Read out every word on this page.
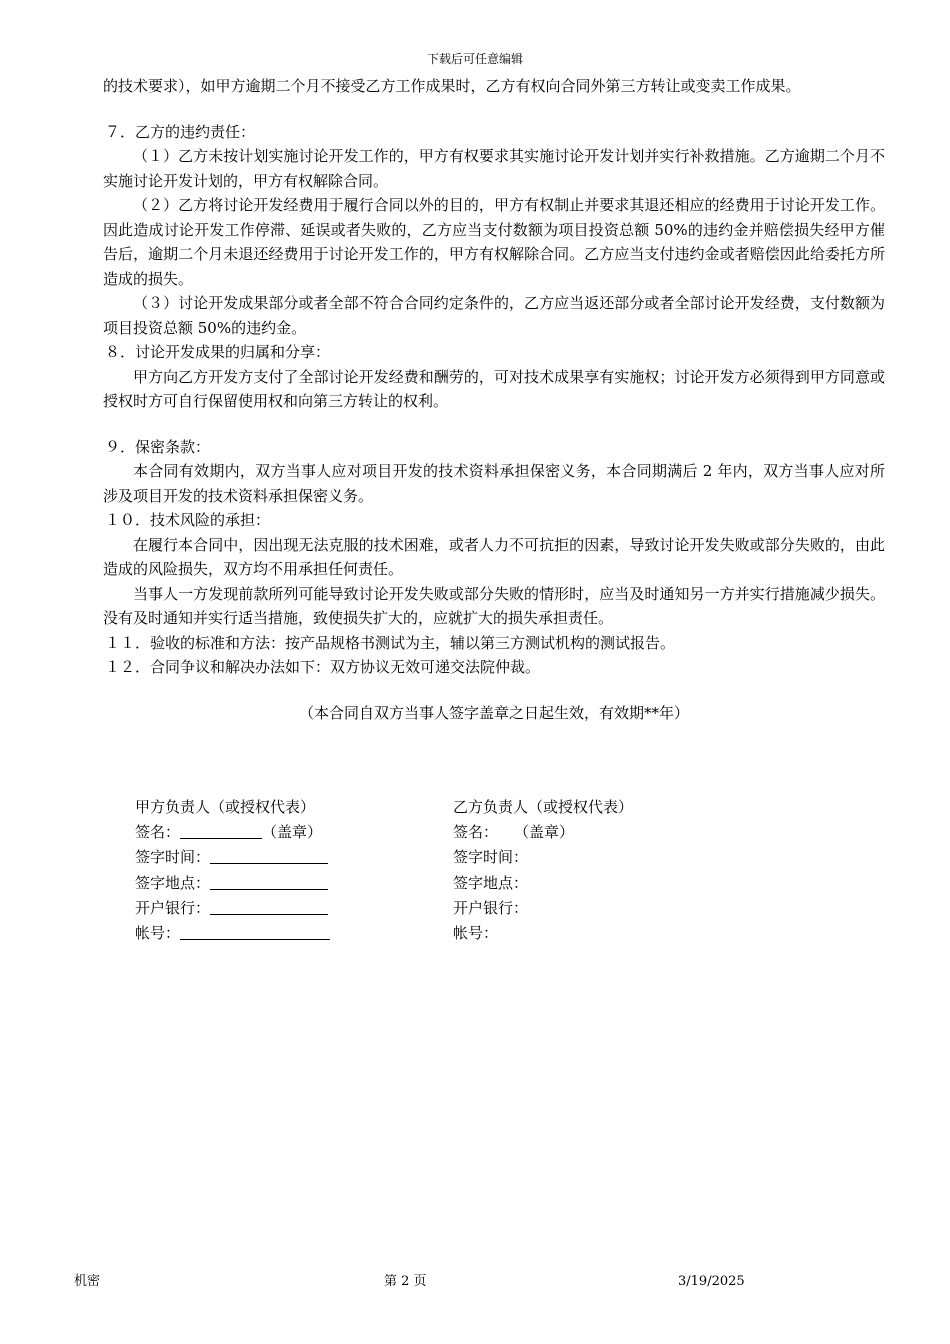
下载后可任意编辑

的技术要求），如甲方逾期二个月不接受乙方工作成果时，乙方有权向合同外第三方转让或变卖工作成果。

７．乙方的违约责任：

（１）乙方未按计划实施讨论开发工作的，甲方有权要求其实施讨论开发计划并实行补救措施。乙方逾期二个月不实施讨论开发计划的，甲方有权解除合同。

（２）乙方将讨论开发经费用于履行合同以外的目的，甲方有权制止并要求其退还相应的经费用于讨论开发工作。因此造成讨论开发工作停滞、延误或者失败的，乙方应当支付数额为项目投资总额 50%的违约金并赔偿损失经甲方催告后，逾期二个月未退还经费用于讨论开发工作的，甲方有权解除合同。乙方应当支付违约金或者赔偿因此给委托方所造成的损失。

（３）讨论开发成果部分或者全部不符合合同约定条件的，乙方应当返还部分或者全部讨论开发经费，支付数额为项目投资总额 50%的违约金。

８．讨论开发成果的归属和分享：

甲方向乙方开发方支付了全部讨论开发经费和酬劳的，可对技术成果享有实施权；讨论开发方必须得到甲方同意或授权时方可自行保留使用权和向第三方转让的权利。

９．保密条款：

本合同有效期内，双方当事人应对项目开发的技术资料承担保密义务，本合同期满后 2 年内，双方当事人应对所涉及项目开发的技术资料承担保密义务。

１０．技术风险的承担：

在履行本合同中，因出现无法克服的技术困难，或者人力不可抗拒的因素，导致讨论开发失败或部分失败的，由此造成的风险损失，双方均不用承担任何责任。

当事人一方发现前款所列可能导致讨论开发失败或部分失败的情形时，应当及时通知另一方并实行措施减少损失。没有及时通知并实行适当措施，致使损失扩大的，应就扩大的损失承担责任。

１１．验收的标准和方法：按产品规格书测试为主，辅以第三方测试机构的测试报告。

１２．合同争议和解决办法如下：双方协议无效可递交法院仲裁。

（本合同自双方当事人签字盖章之日起生效，有效期**年）

甲方负责人（或授权代表）
签名：	（盖章）
签字时间：
签字地点：
开户银行：
帐号：
乙方负责人（或授权代表）
签名： （盖章）
签字时间：
签字地点：
开户银行：
帐号：
机密	第 2 页	3/19/2025
